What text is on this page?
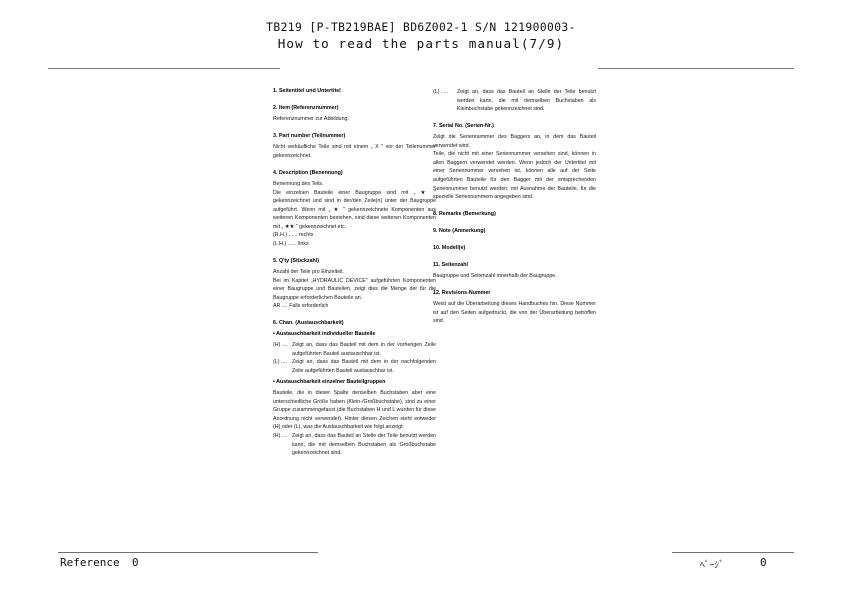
TB219 [P-TB219BAE] BD6Z002-1 S/N 121900003-
How to read the parts manual(7/9)
1. Seitentitel und Untertitel
2. Item (Referenznummer)
Referenznummer zur Abbildung.
3. Part number (Teilnummer)
Nicht verkäufliche Teile sind mit einem „ X " vor der Teilenummer gekennzeichnet.
4. Description (Benennung)
Benennung des Teils.
Die einzelnen Bauteile einer Baugruppe sind mit „ ★ " gekennzeichnet und sind in der/den Zeile(n) unter der Baugruppe aufgeführt. Wenn mit „ ★ " gekennzeichnete Komponenten aus weiteren Komponenten bestehen, sind diese weiteren Komponenten mit „ ★★ " gekennzeichnet etc.
(R.H.) ...... rechts
(L.H.) ...... links
5. Q'ty (Stückzahl)
Anzahl der Teile pro Einzelteil.
Bei im Kapitel „HYDRAULIC DEVICE" aufgeführten Komponenten einer Baugruppe und Bauteilen, zeigt dies die Menge der für die Baugruppe erforderlichen Bauteile an.
AR .... Falls erforderlich
6. Chan. (Austauschbarkeit)
• Austauschbarkeit individueller Bauteile
(H) .... Zeigt an, dass das Bauteil mit dem in der vorherigen Zeile aufgeführten Bauteil austauschbar ist.
(L) .... Zeigt an, dass das Bauteil mit dem in der nachfolgenden Zeile aufgeführten Bauteil austauschbar ist.
• Austauschbarkeit einzelner Bauteilgruppen
Bauteile, die in dieser Spalte denselben Buchstaben aber eine unterschiedliche Größe haben (Klein-/Großbuchstabe), sind zu einer Gruppe zusammengefasst (die Buchstaben H und L wurden für diese Anordnung nicht verwendet). Hinter diesen Zeichen steht entweder (H) oder (L), was die Austauschbarkeit wie folgt anzeigt:
(H) .... Zeigt an, dass das Bauteil an Stelle der Teile benutzt werden kann, die mit demselben Buchstaben als Großbuchstabe gekennzeichnet sind.
(L) ..... Zeigt an, dass das Bauteil an Stelle der Teile benutzt werden kann, die mit demselben Buchstaben als Kleinbuchstabe gekennzeichnet sind.
7. Serial No. (Serien-Nr.)
Zeigt die Seriennummer des Baggers an, in dem das Bauteil verwendet wird.
Teile, die nicht mit einer Seriennummer versehen sind, können in allen Baggern verwendet werden. Wenn jedoch der Untertitel mit einer Seriennummer versehen ist, können alle auf der Seite aufgeführten Bauteile für den Bagger mit der entsprechenden Seriennummer benutzt werden; mit Ausnahme der Bauteile, für die spezielle Seriennummern angegeben sind.
8. Remarks (Bemerkung)
9. Note (Anmerkung)
10. Modell(e)
11. Seitenzahl
Baugruppe und Seitenzahl innerhalb der Baugruppe.
12. Revisions-Nummer
Weist auf die Überarbeitung dieses Handbuches hin. Diese Nummer ist auf den Seiten aufgedruckt, die von der Überarbeitung betroffen sind.
Reference 0	ﾍﾟｰｼﾞ	0
